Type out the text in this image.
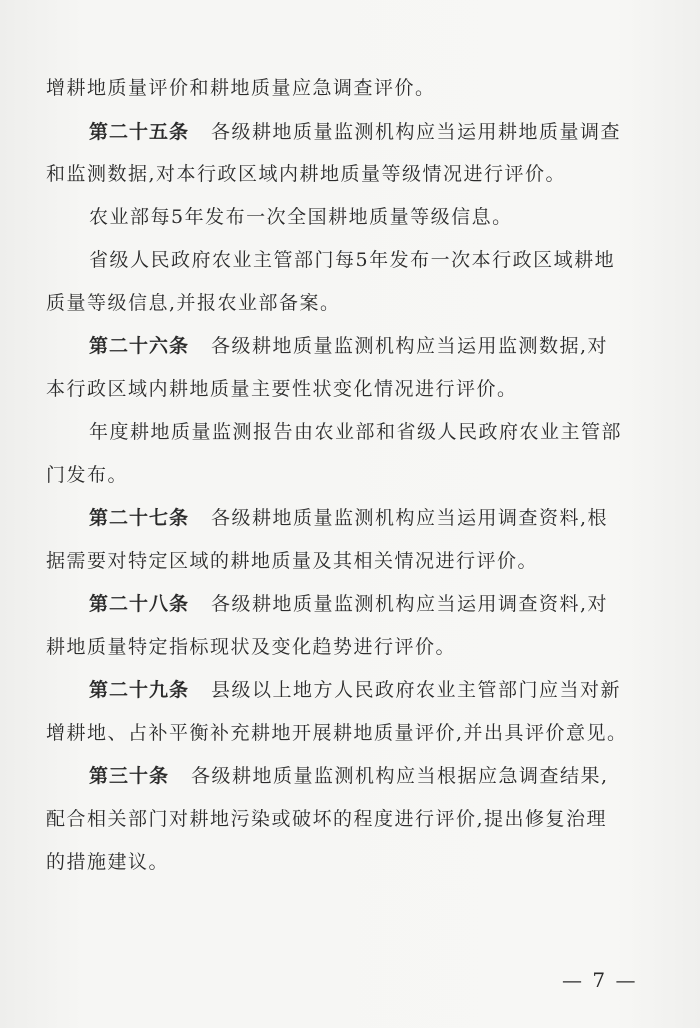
增耕地质量评价和耕地质量应急调查评价。
第二十五条 各级耕地质量监测机构应当运用耕地质量调查
和监测数据,对本行政区域内耕地质量等级情况进行评价。
农业部每5年发布一次全国耕地质量等级信息。
省级人民政府农业主管部门每5年发布一次本行政区域耕地
质量等级信息,并报农业部备案。
第二十六条 各级耕地质量监测机构应当运用监测数据,对
本行政区域内耕地质量主要性状变化情况进行评价。
年度耕地质量监测报告由农业部和省级人民政府农业主管部
门发布。
第二十七条 各级耕地质量监测机构应当运用调查资料,根
据需要对特定区域的耕地质量及其相关情况进行评价。
第二十八条 各级耕地质量监测机构应当运用调查资料,对
耕地质量特定指标现状及变化趋势进行评价。
第二十九条 县级以上地方人民政府农业主管部门应当对新
增耕地、占补平衡补充耕地开展耕地质量评价,并出具评价意见。
第三十条 各级耕地质量监测机构应当根据应急调查结果,
配合相关部门对耕地污染或破坏的程度进行评价,提出修复治理
的措施建议。
— 7 —
